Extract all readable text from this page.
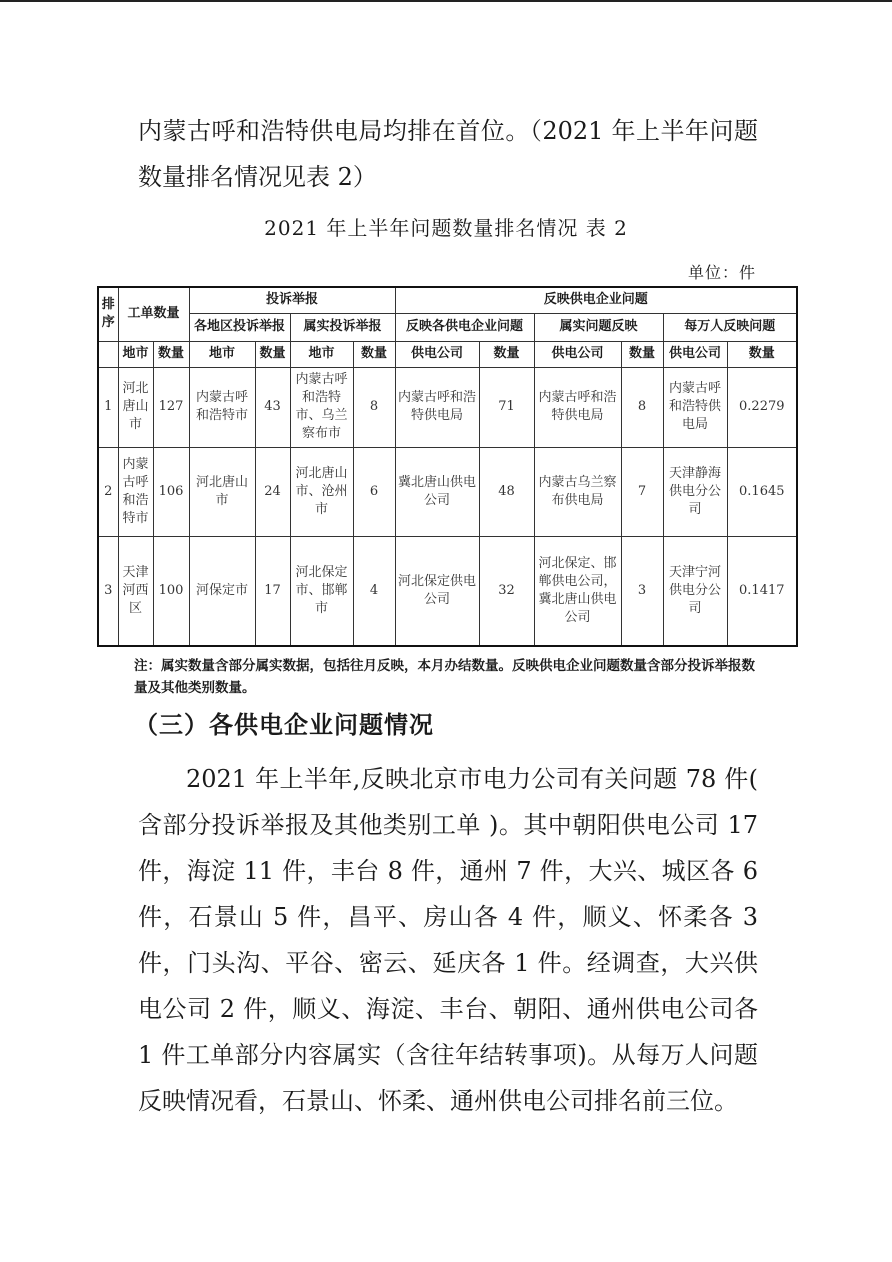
内蒙古呼和浩特供电局均排在首位。（2021 年上半年问题数量排名情况见表 2）

2021 年上半年问题数量排名情况 表 2
单位：件
排序	工单数量		投诉举报				反映供电企业问题					
			各地区投诉举报		属实投诉举报		反映各供电企业问题		属实问题反映		每万人反映问题	
	地市	数量	地市	数量	地市	数量	供电公司	数量	供电公司	数量	供电公司	数量
1	河北唐山市	127	内蒙古呼和浩特市	43	内蒙古呼和浩特市、乌兰察布市	8	内蒙古呼和浩特供电局	71	内蒙古呼和浩特供电局	8	内蒙古呼和浩特供电局	0.2279
2	内蒙古呼和浩特市	106	河北唐山市	24	河北唐山市、沧州市	6	冀北唐山供电公司	48	内蒙古乌兰察布供电局	7	天津静海供电分公司	0.1645
3	天津河西区	100	河保定市	17	河北保定市、邯郸市	4	河北保定供电公司	32	河北保定、邯郸供电公司，冀北唐山供电公司	3	天津宁河供电分公司	0.1417

注：属实数量含部分属实数据，包括往月反映，本月办结数量。反映供电企业问题数量含部分投诉举报数量及其他类别数量。

（三）各供电企业问题情况

2021 年上半年,反映北京市电力公司有关问题 78 件( 含部分投诉举报及其他类别工单 )。其中朝阳供电公司 17 件，海淀 11 件，丰台 8 件，通州 7 件，大兴、城区各 6 件，石景山 5 件，昌平、房山各 4 件，顺义、怀柔各 3 件，门头沟、平谷、密云、延庆各 1 件。经调查，大兴供电公司 2 件，顺义、海淀、丰台、朝阳、通州供电公司各 1 件工单部分内容属实（含往年结转事项)。从每万人问题反映情况看，石景山、怀柔、通州供电公司排名前三位。
